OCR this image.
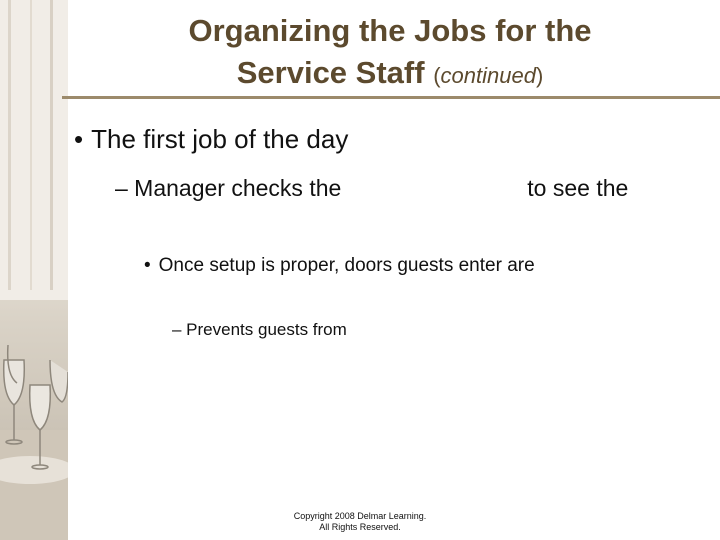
Organizing the Jobs for the
Service Staff (continued)
• The first job of the day
– Manager checks the	to see the
• Once setup is proper, doors guests enter are
– Prevents guests from
Copyright 2008 Delmar Learning.
All Rights Reserved.
